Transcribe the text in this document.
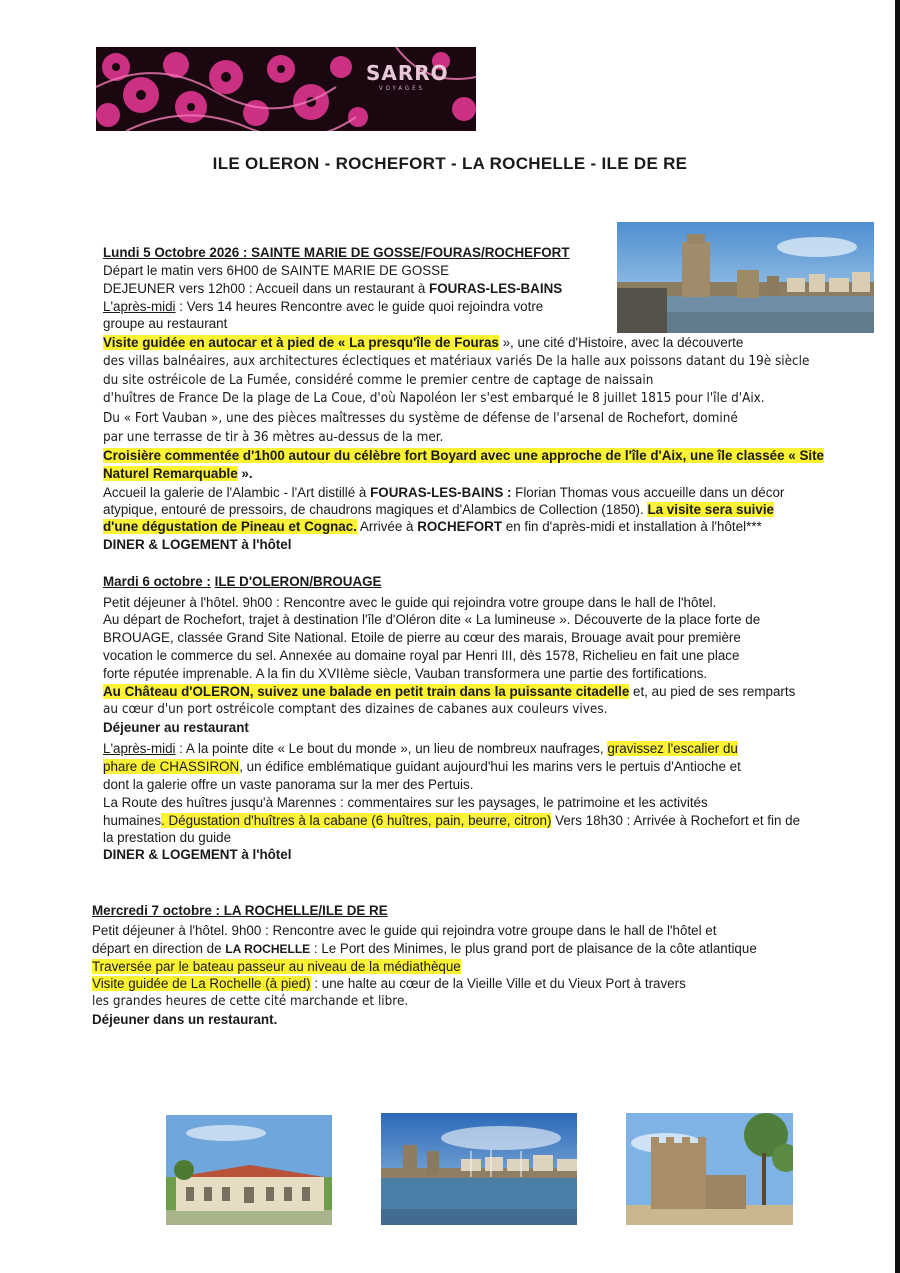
SARRO
VOYAGES
ILE OLERON - ROCHEFORT - LA ROCHELLE - ILE DE RE
Lundi 5 Octobre 2026 : SAINTE MARIE DE GOSSE/FOURAS/ROCHEFORT
Départ le matin vers 6H00 de SAINTE MARIE DE GOSSE
DEJEUNER vers 12h00 : Accueil dans un restaurant à FOURAS-LES-BAINS
L'après-midi : Vers 14 heures Rencontre avec le guide quoi rejoindra votre
groupe au restaurant
Visite guidée en autocar et à pied de « La presqu'île de Fouras », une cité d'Histoire, avec la découverte
des villas balnéaires, aux architectures éclectiques et matériaux variés De la halle aux poissons datant du 19è siècle
du site ostréicole de La Fumée, considéré comme le premier centre de captage de naissain
d'huîtres de France De la plage de La Coue, d'où Napoléon Ier s'est embarqué le 8 juillet 1815 pour l'île d'Aix.
Du « Fort Vauban », une des pièces maîtresses du système de défense de l'arsenal de Rochefort, dominé
par une terrasse de tir à 36 mètres au-dessus de la mer.
Croisière commentée d'1h00 autour du célèbre fort Boyard avec une approche de l'île d'Aix, une île classée « Site
Naturel Remarquable ».
Accueil la galerie de l'Alambic - l'Art distillé à FOURAS-LES-BAINS : Florian Thomas vous accueille dans un décor
atypique, entouré de pressoirs, de chaudrons magiques et d'Alambics de Collection (1850). La visite sera suivie
d'une dégustation de Pineau et Cognac. Arrivée à ROCHEFORT en fin d'après-midi et installation à l'hôtel***
DINER & LOGEMENT à l'hôtel
Mardi 6 octobre : ILE D'OLERON/BROUAGE
Petit déjeuner à l'hôtel. 9h00 : Rencontre avec le guide qui rejoindra votre groupe dans le hall de l'hôtel.
Au départ de Rochefort, trajet à destination l'île d'Oléron dite « La lumineuse ». Découverte de la place forte de
BROUAGE, classée Grand Site National. Etoile de pierre au cœur des marais, Brouage avait pour première
vocation le commerce du sel. Annexée au domaine royal par Henri III, dès 1578, Richelieu en fait une place
forte réputée imprenable. A la fin du XVIIème siècle, Vauban transformera une partie des fortifications.
Au Château d'OLERON, suivez une balade en petit train dans la puissante citadelle et, au pied de ses remparts
au cœur d'un port ostréicole comptant des dizaines de cabanes aux couleurs vives.
Déjeuner au restaurant
L'après-midi : A la pointe dite « Le bout du monde », un lieu de nombreux naufrages, gravissez l'escalier du
phare de CHASSIRON, un édifice emblématique guidant aujourd'hui les marins vers le pertuis d'Antioche et
dont la galerie offre un vaste panorama sur la mer des Pertuis.
La Route des huîtres jusqu'à Marennes : commentaires sur les paysages, le patrimoine et les activités
humaines. Dégustation d'huîtres à la cabane (6 huîtres, pain, beurre, citron) Vers 18h30 : Arrivée à Rochefort et fin de
la prestation du guide
DINER & LOGEMENT à l'hôtel
Mercredi 7 octobre : LA ROCHELLE/ILE DE RE
Petit déjeuner à l'hôtel. 9h00 : Rencontre avec le guide qui rejoindra votre groupe dans le hall de l'hôtel et
départ en direction de LA ROCHELLE : Le Port des Minimes, le plus grand port de plaisance de la côte atlantique
Traversée par le bateau passeur au niveau de la médiathèque
Visite guidée de La Rochelle (à pied) : une halte au cœur de la Vieille Ville et du Vieux Port à travers
les grandes heures de cette cité marchande et libre.
Déjeuner dans un restaurant.
